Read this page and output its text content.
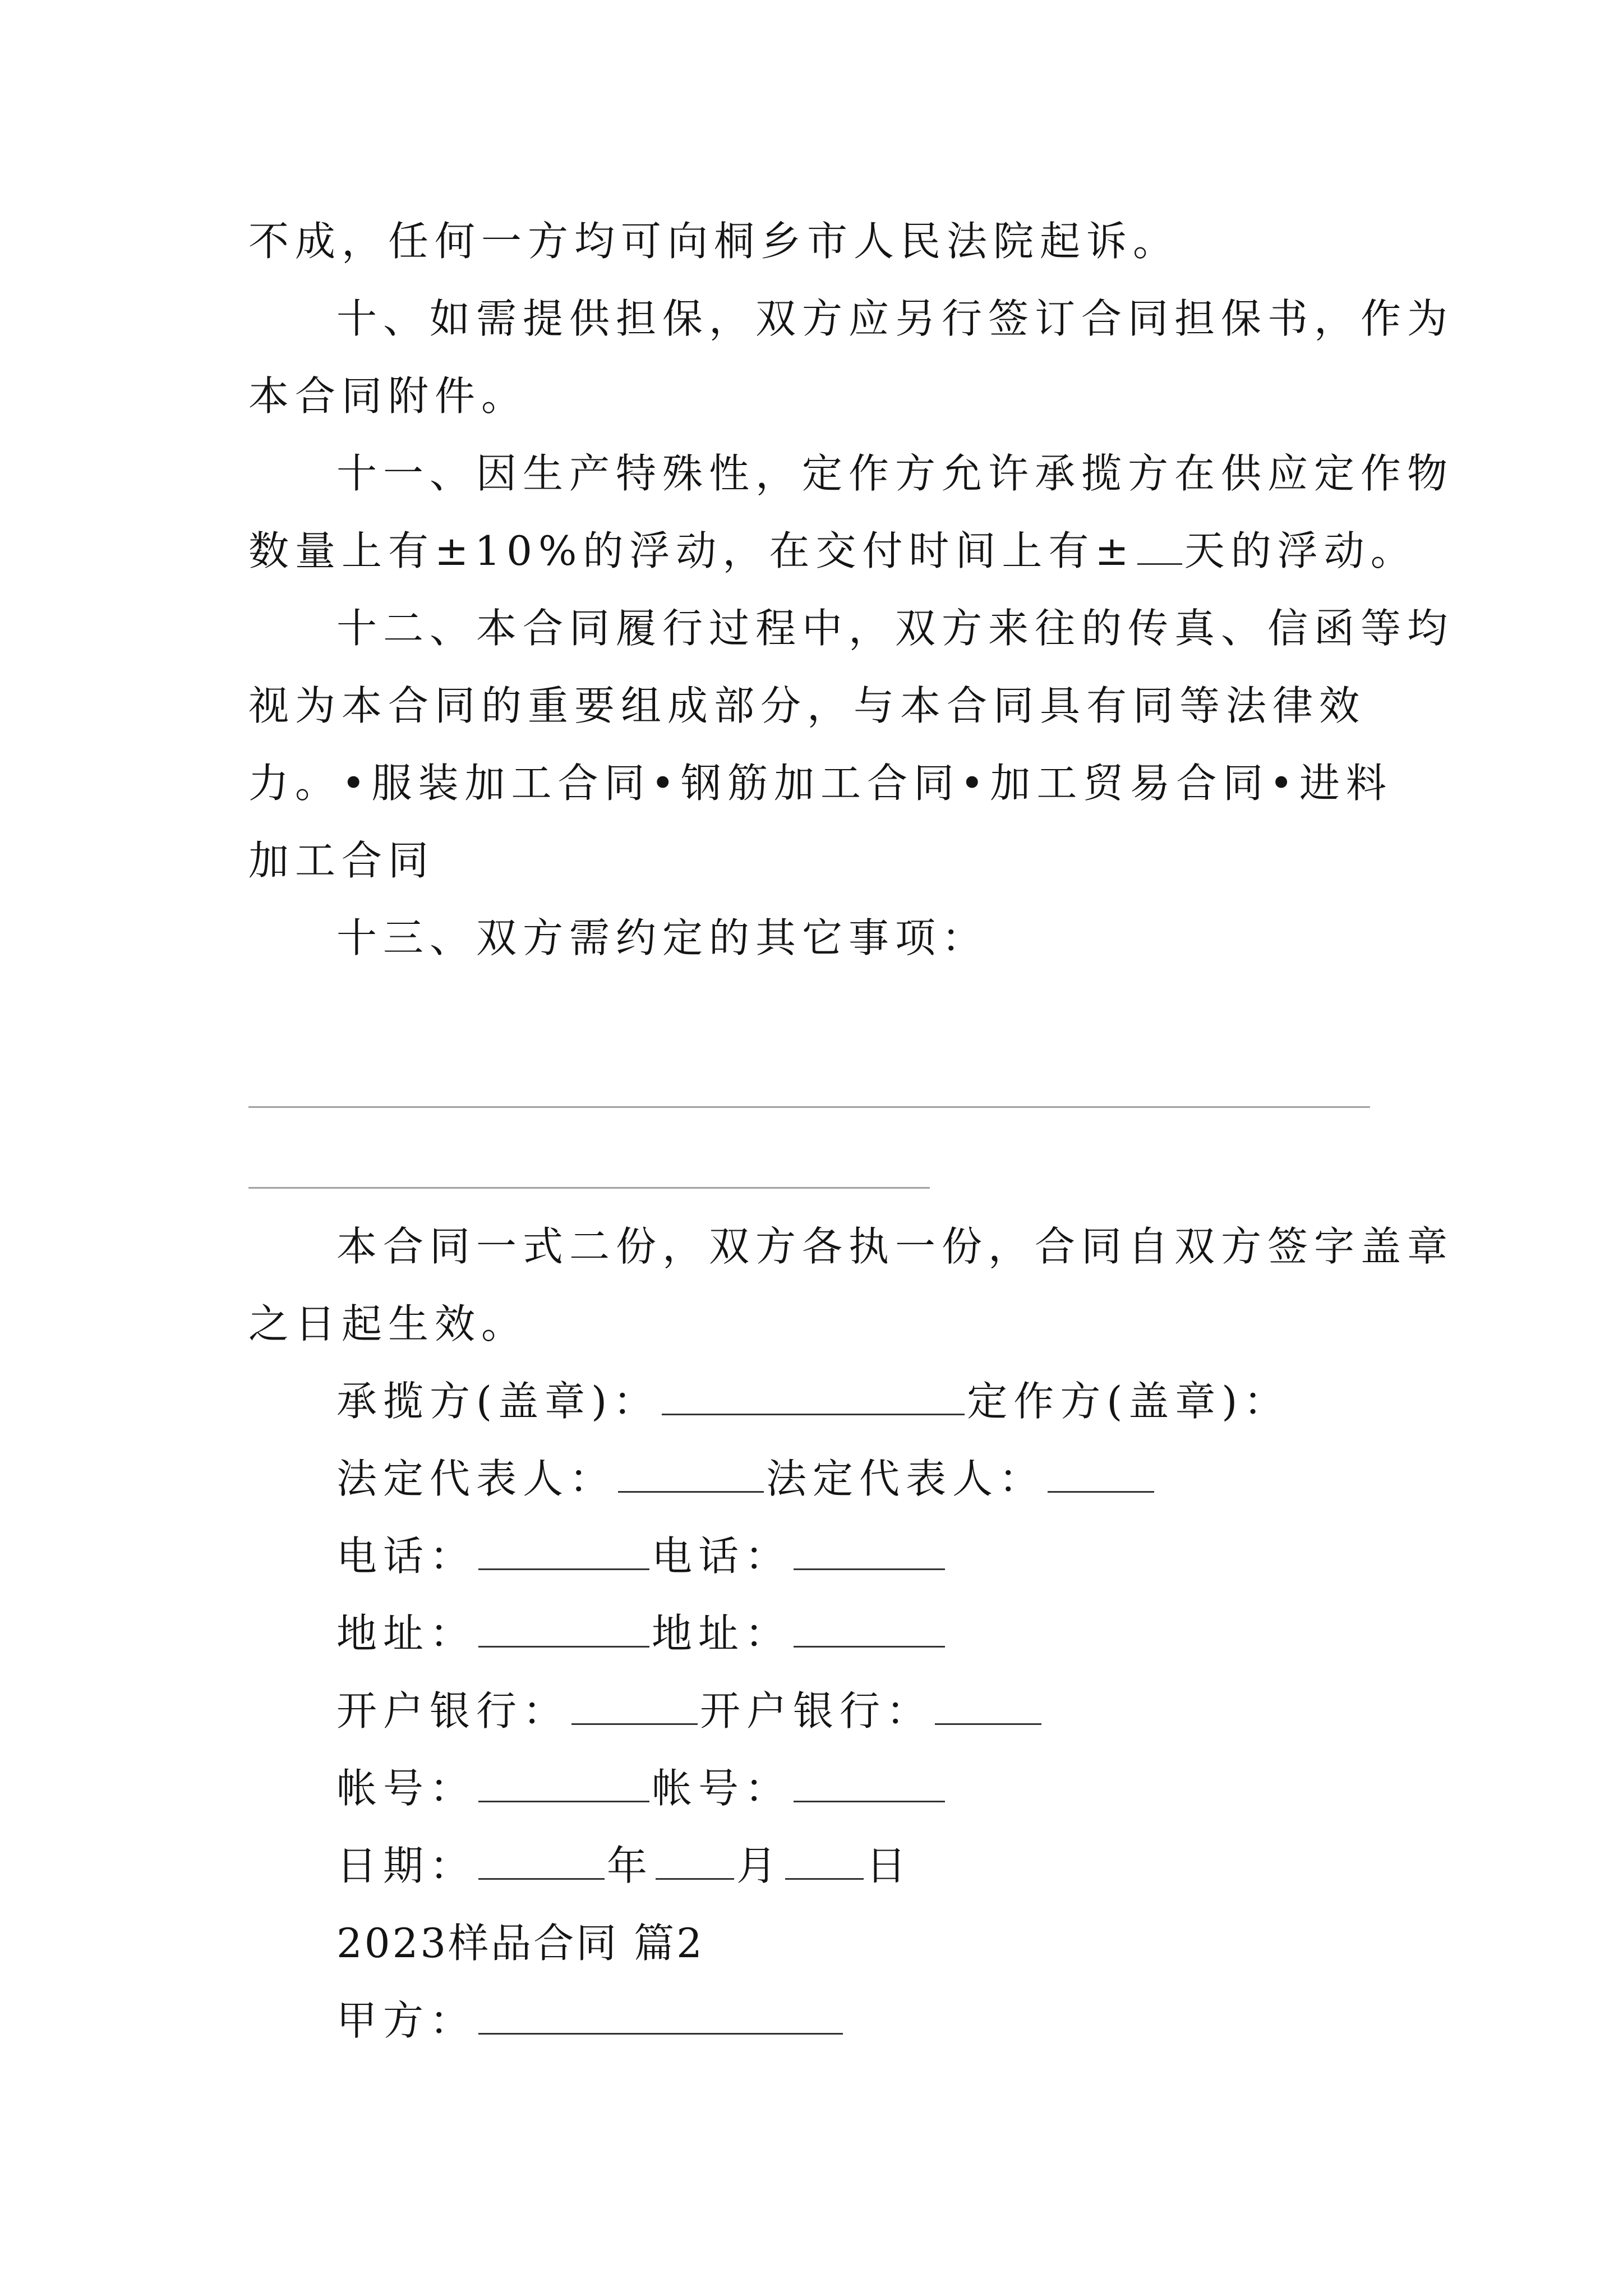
不成，任何一方均可向桐乡市人民法院起诉。
十、如需提供担保，双方应另行签订合同担保书，作为
本合同附件。
十一、因生产特殊性，定作方允许承揽方在供应定作物
数量上有±10%的浮动，在交付时间上有± 天的浮动。
十二、本合同履行过程中，双方来往的传真、信函等均
视为本合同的重要组成部分，与本合同具有同等法律效
力。•服装加工合同•钢筋加工合同•加工贸易合同•进料
加工合同
十三、双方需约定的其它事项：
本合同一式二份，双方各执一份，合同自双方签字盖章
之日起生效。
承揽方(盖章)：	定作方(盖章)：
法定代表人：	法定代表人：
电话：	电话：
地址：	地址：
开户银行：	开户银行：
帐号：	帐号：
日期：	年 月 日
2023样品合同 篇2
甲方：
